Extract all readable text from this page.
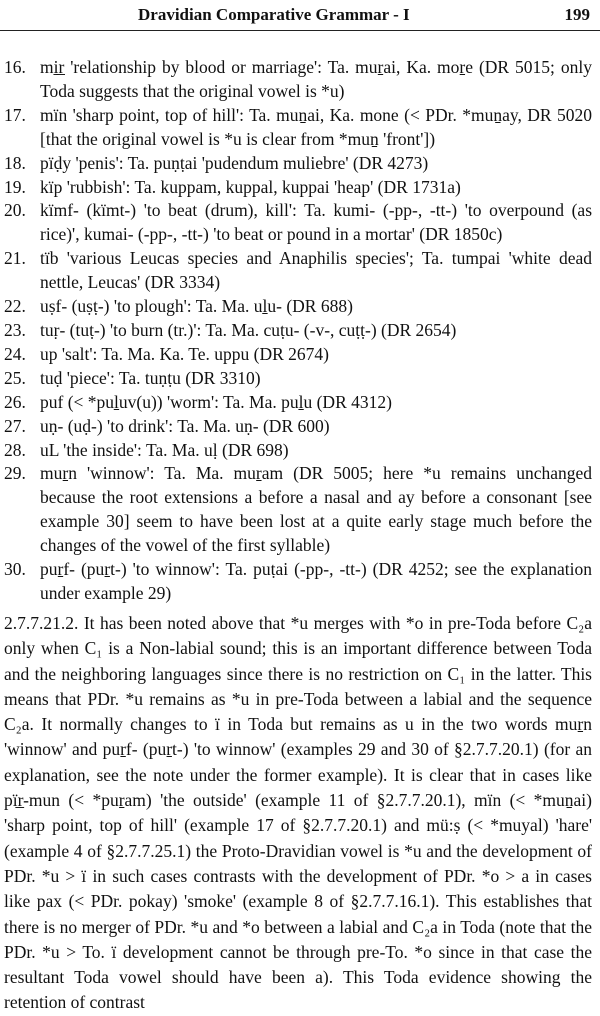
Dravidian Comparative Grammar - I	199
16. mi̱r̲ 'relationship by blood or marriage': Ta. muṟai, Ka. moṟe (DR 5015; only Toda suggests that the original vowel is *u)
17. mïn 'sharp point, top of hill': Ta. muṉai, Ka. mone (< PDr. *muṉay, DR 5020 [that the original vowel is *u is clear from *muṉ 'front'])
18. pïḍy 'penis': Ta. puṇṭai 'pudendum muliebre' (DR 4273)
19. kïp 'rubbish': Ta. kuppam, kuppal, kuppai 'heap' (DR 1731a)
20. kïmf- (kïmt-) 'to beat (drum), kill': Ta. kumi- (-pp-, -tt-) 'to overpound (as rice)', kumai- (-pp-, -tt-) 'to beat or pound in a mortar' (DR 1850c)
21. tïb 'various Leucas species and Anaphilis species'; Ta. tumpai 'white dead nettle, Leucas' (DR 3334)
22. uṣf- (uṣṭ-) 'to plough': Ta. Ma. uḻu- (DR 688)
23. tuṛ- (tuṭ-) 'to burn (tr.)': Ta. Ma. cuṭu- (-v-, cuṭṭ-) (DR 2654)
24. up 'salt': Ta. Ma. Ka. Te. uppu (DR 2674)
25. tuḍ 'piece': Ta. tuṇṭu (DR 3310)
26. puf (< *puḻuv(u)) 'worm': Ta. Ma. puḻu (DR 4312)
27. uṇ- (uḍ-) 'to drink': Ta. Ma. uṇ- (DR 600)
28. uL 'the inside': Ta. Ma. uḷ (DR 698)
29. muṟn 'winnow': Ta. Ma. muṟam (DR 5005; here *u remains unchanged because the root extensions a before a nasal and ay before a consonant [see example 30] seem to have been lost at a quite early stage much before the changes of the vowel of the first syllable)
30. puṟf- (puṟt-) 'to winnow': Ta. puṭai (-pp-, -tt-) (DR 4252; see the explanation under example 29)

2.7.7.21.2. It has been noted above that *u merges with *o in pre-Toda before C₂a only when C₁ is a Non-labial sound; this is an important difference between Toda and the neighboring languages since there is no restriction on C₁ in the latter. This means that PDr. *u remains as *u in pre-Toda between a labial and the sequence C₂a. It normally changes to ï in Toda but remains as u in the two words muṟn 'winnow' and puṟf- (puṟt-) 'to winnow' (examples 29 and 30 of §2.7.7.20.1) (for an explanation, see the note under the former example). It is clear that in cases like pïr̲-mun (< *puṟam) 'the outside' (example 11 of §2.7.7.20.1), mïn (< *muṉai) 'sharp point, top of hill' (example 17 of §2.7.7.20.1) and mü:ṣ (< *muyal) 'hare' (example 4 of §2.7.7.25.1) the Proto-Dravidian vowel is *u and the development of PDr. *u > ï in such cases contrasts with the development of PDr. *o > a in cases like pax (< PDr. pokay) 'smoke' (example 8 of §2.7.7.16.1). This establishes that there is no merger of PDr. *u and *o between a labial and C₂a in Toda (note that the PDr. *u > To. ï development cannot be through pre-To. *o since in that case the resultant Toda vowel should have been a). This Toda evidence showing the retention of contrast
